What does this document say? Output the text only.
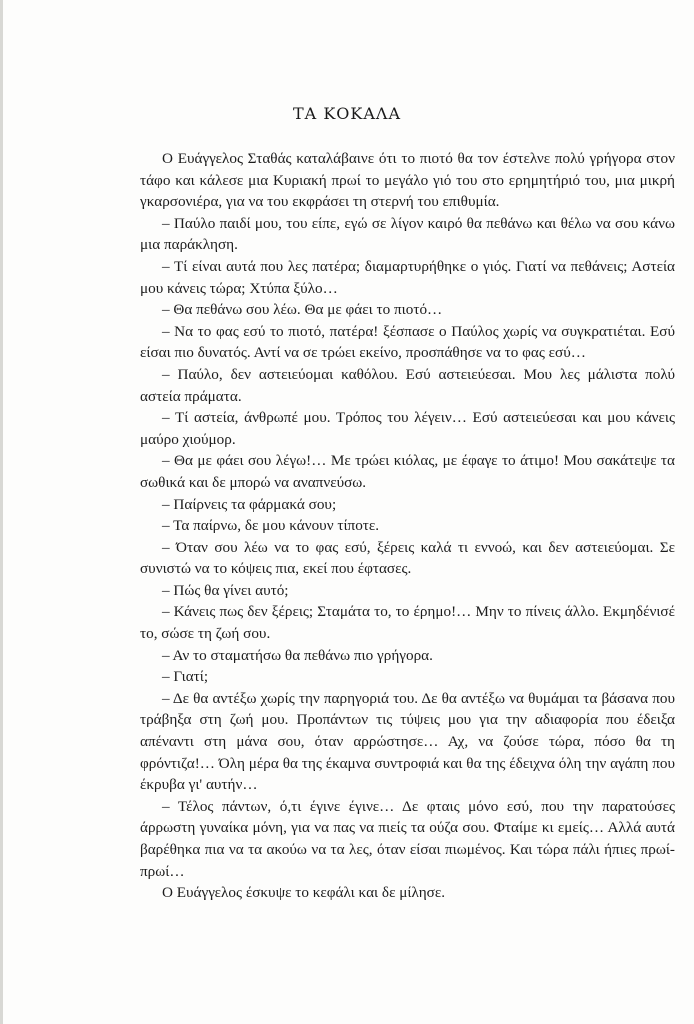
ΤΑ ΚΟΚΑΛΑ

Ο Ευάγγελος Σταθάς καταλάβαινε ότι το πιοτό θα τον έστελνε πολύ γρήγορα στον τάφο και κάλεσε μια Κυριακή πρωί το μεγάλο γιό του στο ερημητήριό του, μια μικρή γκαρσονιέρα, για να του εκφράσει τη στερνή του επιθυμία.

– Παύλο παιδί μου, του είπε, εγώ σε λίγον καιρό θα πεθάνω και θέλω να σου κάνω μια παράκληση.

– Τί είναι αυτά που λες πατέρα; διαμαρτυρήθηκε ο γιός. Γιατί να πεθάνεις; Αστεία μου κάνεις τώρα; Χτύπα ξύλο…

– Θα πεθάνω σου λέω. Θα με φάει το πιοτό…

– Να το φας εσύ το πιοτό, πατέρα! ξέσπασε ο Παύλος χωρίς να συγκρατιέται. Εσύ είσαι πιο δυνατός. Αντί να σε τρώει εκείνο, προσπάθησε να το φας εσύ…

– Παύλο, δεν αστειεύομαι καθόλου. Εσύ αστειεύεσαι. Μου λες μάλιστα πολύ αστεία πράματα.

– Τί αστεία, άνθρωπέ μου. Τρόπος του λέγειν… Εσύ αστειεύεσαι και μου κάνεις μαύρο χιούμορ.

– Θα με φάει σου λέγω!… Με τρώει κιόλας, με έφαγε το άτιμο! Μου σακάτεψε τα σωθικά και δε μπορώ να αναπνεύσω.

– Παίρνεις τα φάρμακά σου;

– Τα παίρνω, δε μου κάνουν τίποτε.

– Όταν σου λέω να το φας εσύ, ξέρεις καλά τι εννοώ, και δεν αστειεύομαι. Σε συνιστώ να το κόψεις πια, εκεί που έφτασες.

– Πώς θα γίνει αυτό;

– Κάνεις πως δεν ξέρεις; Σταμάτα το, το έρημο!… Μην το πίνεις άλλο. Εκμηδένισέ το, σώσε τη ζωή σου.

– Αν το σταματήσω θα πεθάνω πιο γρήγορα.

– Γιατί;

– Δε θα αντέξω χωρίς την παρηγοριά του. Δε θα αντέξω να θυμάμαι τα βάσανα που τράβηξα στη ζωή μου. Προπάντων τις τύψεις μου για την αδιαφορία που έδειξα απέναντι στη μάνα σου, όταν αρρώστησε… Αχ, να ζούσε τώρα, πόσο θα τη φρόντιζα!… Όλη μέρα θα της έκαμνα συντροφιά και θα της έδειχνα όλη την αγάπη που έκρυβα γι' αυτήν…

– Τέλος πάντων, ό,τι έγινε έγινε… Δε φταις μόνο εσύ, που την παρατούσες άρρωστη γυναίκα μόνη, για να πας να πιείς τα ούζα σου. Φταίμε κι εμείς… Αλλά αυτά βαρέθηκα πια να τα ακούω να τα λες, όταν είσαι πιωμένος. Και τώρα πάλι ήπιες πρωί-πρωί…

Ο Ευάγγελος έσκυψε το κεφάλι και δε μίλησε.
